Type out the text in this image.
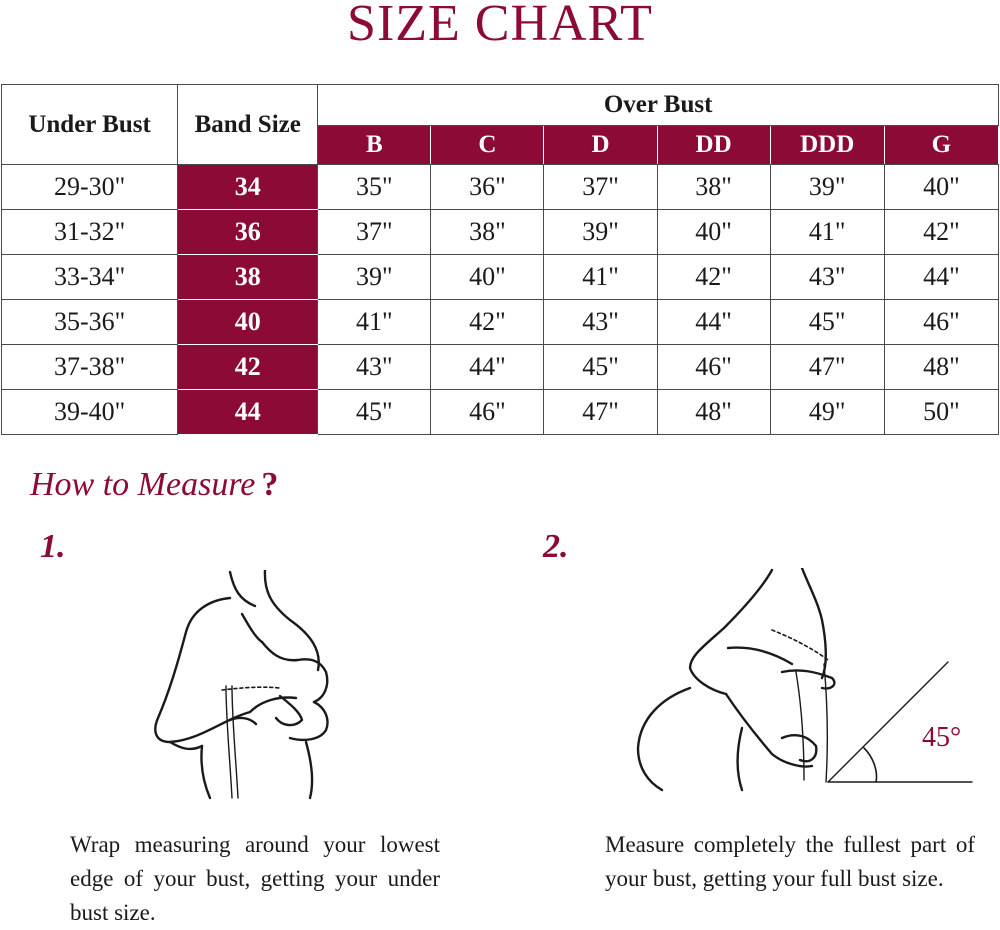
SIZE CHART
Under Bust	Band Size	Over Bust					
		B	C	D	DD	DDD	G
29-30"	34	35"	36"	37"	38"	39"	40"
31-32"	36	37"	38"	39"	40"	41"	42"
33-34"	38	39"	40"	41"	42"	43"	44"
35-36"	40	41"	42"	43"	44"	45"	46"
37-38"	42	43"	44"	45"	46"	47"	48"
39-40"	44	45"	46"	47"	48"	49"	50"
How to Measure ?
1.	2.
45°
Wrap measuring around your lowest edge of your bust, getting your under bust size.
Measure completely the fullest part of your bust, getting your full bust size.
